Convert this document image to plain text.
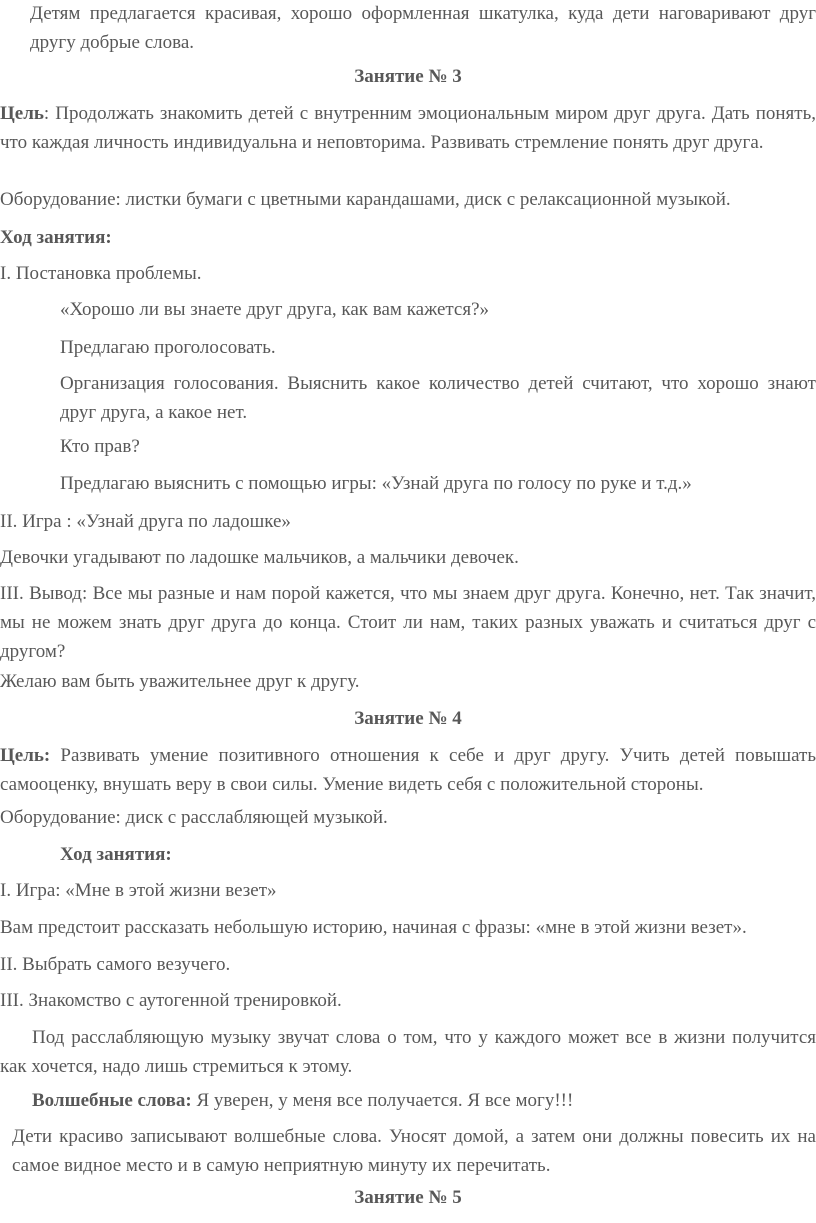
Детям предлагается красивая, хорошо оформленная шкатулка, куда дети наговаривают друг другу добрые слова.

Занятие № 3

Цель: Продолжать знакомить детей с внутренним эмоциональным миром друг друга. Дать понять, что каждая личность индивидуальна и неповторима. Развивать стремление понять друг друга.

Оборудование: листки бумаги с цветными карандашами, диск с релаксационной музыкой.

Ход занятия:

I. Постановка проблемы.

«Хорошо ли вы знаете друг друга, как вам кажется?»

Предлагаю проголосовать.

Организация голосования. Выяснить какое количество детей считают, что хорошо знают друг друга, а какое нет.

Кто прав?

Предлагаю выяснить с помощью игры: «Узнай друга по голосу по руке и т.д.»

II. Игра : «Узнай друга по ладошке»

Девочки угадывают по ладошке мальчиков, а мальчики девочек.

III. Вывод: Все мы разные и нам порой кажется, что мы знаем друг друга. Конечно, нет. Так значит, мы не можем знать друг друга до конца. Стоит ли нам, таких разных уважать и считаться друг с другом?

Желаю вам быть уважительнее друг к другу.

Занятие № 4

Цель: Развивать умение позитивного отношения к себе и друг другу. Учить детей повышать самооценку, внушать веру в свои силы. Умение видеть себя с положительной стороны.

Оборудование: диск с расслабляющей музыкой.

Ход занятия:

I. Игра: «Мне в этой жизни везет»

Вам предстоит рассказать небольшую историю, начиная с фразы: «мне в этой жизни везет».

II. Выбрать самого везучего.

III. Знакомство с аутогенной тренировкой.

Под расслабляющую музыку звучат слова о том, что у каждого может все в жизни получится как хочется, надо лишь стремиться к этому.

Волшебные слова: Я уверен, у меня все получается. Я все могу!!!

Дети красиво записывают волшебные слова. Уносят домой, а затем они должны повесить их на самое видное место и в самую неприятную минуту их перечитать.

Занятие № 5
